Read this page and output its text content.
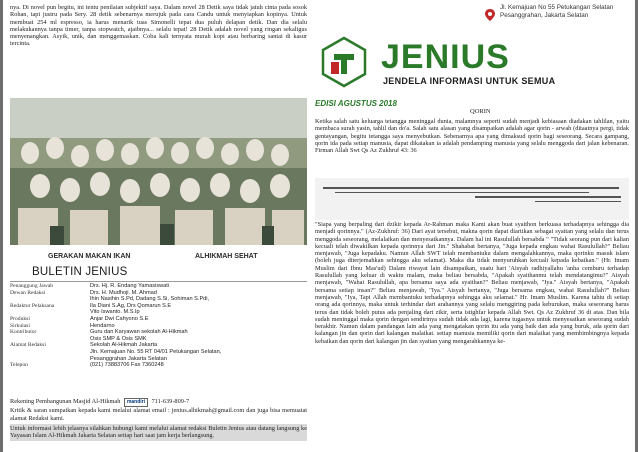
nya. Di novel pun begitu, ini tentu penilaian subjektif saya. Dalam novel 28 Detik saya tidak jatuh cinta pada sosok Rohan, tapi justru pada Sery. 28 detik sebenarnya merujuk pada cara Candu untuk menyiapkan kopinya. Untuk membuat 254 ml espresso, ia harus menarik tuas Simonelli tepat dua puluh delapan detik. Dan dia selalu melakukannya tanpa timer, tanpa stopwatch, ajaibnya... selalu tepat! 28 Detik adalah novel yang ringan sekaligus menyenangkan. Asyik, unik, dan menggemaskan. Coba kali ternyata murah kopi atau berbaring santai di kasur tercinta.

GERAKAN MAKAN IKAN	ALHIKMAH SEHAT
BULETIN JENIUS
Penanggung Jawab	Drs. Hj. R. Endang Yamasiswati
Dewan Redaksi	Drs. H. Mudhoji. M. Ahmad
Ihin Nasihin S.Pd, Dadang S.Si, Sohiman S.Pdi,
Redaktur Pelaksana	Ila Diani S.Ag, Drs Qomarun S.E
Vito Iswanto. M.S.Ip
Produksi	Anjar Dwi Cahyono S.E
Sirkulasi	Hendarno
Kontributor	Guru dan Karyawan sekolah Al-Hikmah
Osis SMP & Osis SMK
Alamat Redaksi	Sekolah Al-Hikmah Jakarta
Jln. Kemajuan No. 55 RT 04/01 Petukangan Selatan,
Pesanggrahan Jakarta Selatan
Telepon	(021) 73883706 Fax 7360248

Rekening Pembangunan Masjid Al-Hikmah mandiri 711-639-809-7

Kritik & saran sumpaikan kepada kami melalui alamat email : jenius.alhikmah@gmail.com dan juga bisa memuatat alamat Redaksi kami.

Untuk informasi lebih jelasnya silahkan hubungi kami melalui alamat redaksi Buletin Jenius atau datang langsung ke Yayasan Islam Al-Hikmah Jakarta Selatan setiap hari saat jam kerja berlangsung.

JENIUS
JENDELA INFORMASI UNTUK SEMUA
Jl. Kemajuan No 55 Petukangan Selatan Pesanggrahan, Jakarta Selatan
EDISI AGUSTUS 2018
QORIN

Ketika salah satu keluarga tetangga meninggal dunia, malamnya seperti sudah menjadi kebiasaan diadakan tahlilan, yaitu membaca surah yasin, tahlil dan do'a. Salah satu alasan yang disampaikan adalah agar qorin - arwah (ditaatnya pergi, tidak gentayangan, begitu tetangga saya menyebutkan. Sebenarnya apa yang dimaksud qorin bagi seseorang. Secara gampang, qorin ida pada setiap manusia, dapat dikatakan ia adalah pendamping manusia yang selalu menggoda dari jalan kebenaran. Firman Allah Swt Qs Az Zukhruf 43: 36

"Siapa yang berpaling dari dzikir kepada Ar-Rahman maka Kami akan buat syaithon berkuasa terhadapnya sehingga dia menjadi qorinnya." (Az-Zukhruf: 36) Dari ayat tersebut, makna qorin dapat diartikan sebagai syaitan yang selalu dan terus menggoda seseorang, melalaikan dan menyesatkannya. Dalam hal ini Rasulullah bersabda " "Tidak seorang pun dari kalian kecuali telah diwakilkan kepada qorinnya dari Jin." Shahabat bertanya, "Juga kepada engkau wahai Rasulullah?" Beliau menjawab, "Juga kepadaku. Namun Allah SWT telah membantuku dalam mengalahkannya, maka qorinku masuk islam (boleh juga diterjemahkan sehingga aku selamat). Maka dia tidak menyuruhkan kecuali kepada kebaikan." (Hr. Imam Muslim dari Ibnu Mas'ud) Dalam riwayat lain disampaikan, suatu hari 'Aisyah radhiyallahu 'anha cemburu terhadap Rasulullah yang keluar di waktu malam, maka beliau bersabda, "Apakah syaithanmu telah mendatangimu?" Aisyah menjawab, "Wahai Rasulullah, apa bersama saya ada syaithan?" Beliau menjawab, "Iya." Aisyah bertanya, "Apakah bersama setiap insan?" Beliau menjawab, "Iya." Aisyah bertanya, "Juga bersama engkau, wahai Rasulullah?" Beliau menjawab, "Iya, Tapi Allah membantuku terhadapnya sehingga aku selamat." Hr. Imam Muslim. Karena tabiu di setiap orang ada qorinnya, maka untuk terhindar dari arahannya yang selalu menggiring pada keburukan, maka seseorang harus terus dan tidak boleh putus ada penjaling dari zikir, serta istighfar kepada Allah Swt. Qs Az Zukhruf 36 di atas. Dan bila sudah meninggal maka qorin dengan sendirinya sudah tidak ada lagi, karena tugasnya untuk menyesatkan seseorang sudah berakhir. Namun dalam pandangan lain ada yang mengatakan qorin itu ada yang baik dan ada yang buruk, ada qorin dari kalangan jin dan qorin dari kalangan malaikat. setiap manusia memiliki qorin dari malaikat yang membimbingnya kepada kebaikan dan qorin dari kalangan jin dan syaitan yang mengarahkannya ke-
